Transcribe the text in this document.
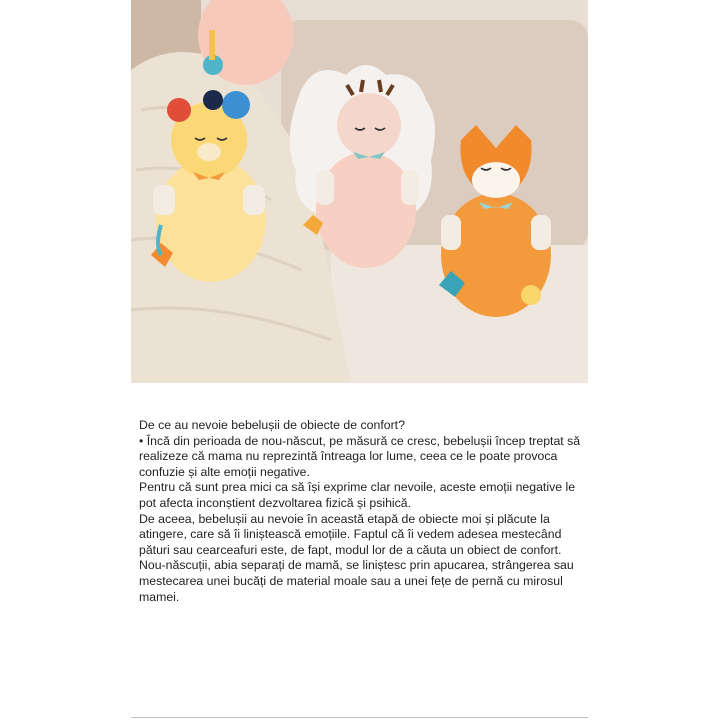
De ce au nevoie bebelușii de obiecte de confort?

• Încă din perioada de nou-născut, pe măsură ce cresc, bebelușii încep treptat să realizeze că mama nu reprezintă întreaga lor lume, ceea ce le poate provoca confuzie și alte emoții negative.

Pentru că sunt prea mici ca să își exprime clar nevoile, aceste emoții negative le pot afecta inconștient dezvoltarea fizică și psihică.

De aceea, bebelușii au nevoie în această etapă de obiecte moi și plăcute la atingere, care să îi liniștească emoțiile. Faptul că îi vedem adesea mestecând pături sau cearceafuri este, de fapt, modul lor de a căuta un obiect de confort.

Nou-născuții, abia separați de mamă, se liniștesc prin apucarea, strângerea sau mestecarea unei bucăți de material moale sau a unei fețe de pernă cu mirosul mamei.
